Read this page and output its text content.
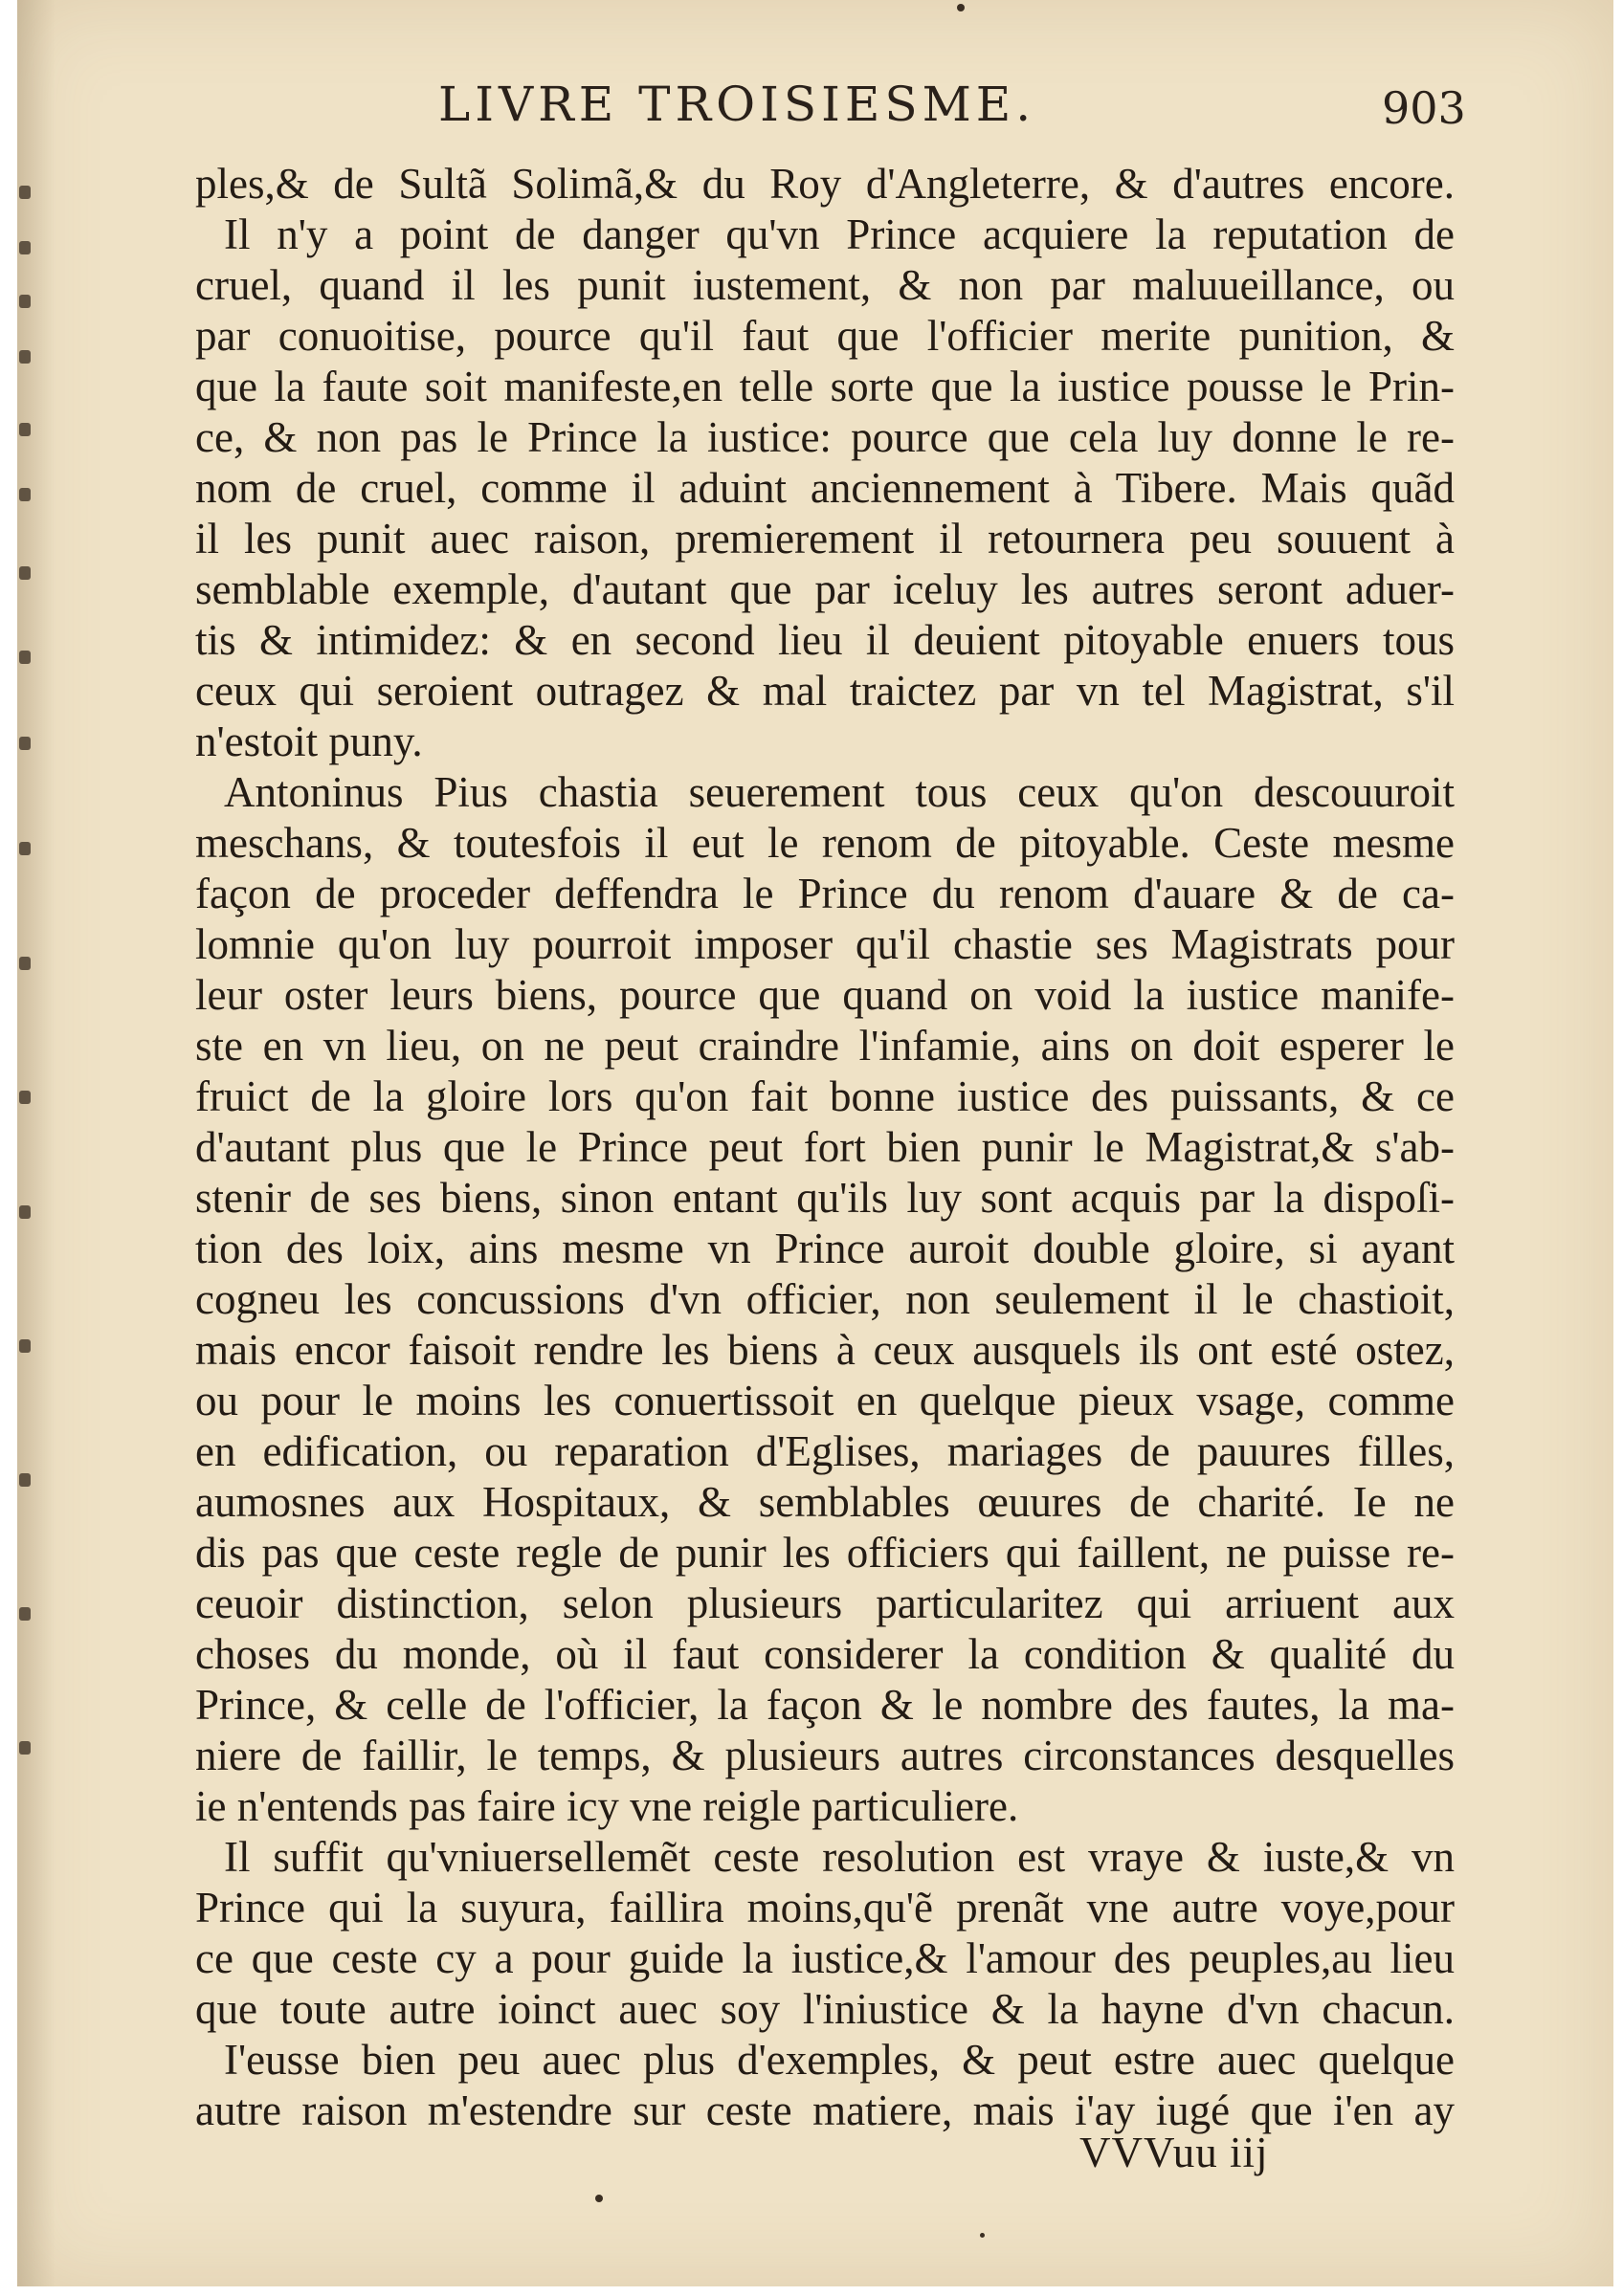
LIVRE TROISIESME.	903
ples,& de Sultã Solimã,& du Roy d'Angleterre, & d'autres encore.
Il n'y a point de danger qu'vn Prince acquiere la reputation de
cruel, quand il les punit iustement, & non par maluueillance, ou
par conuoitise, pource qu'il faut que l'officier merite punition, &
que la faute soit manifeste,en telle sorte que la iustice pousse le Prin-
ce, & non pas le Prince la iustice: pource que cela luy donne le re-
nom de cruel, comme il aduint anciennement à Tibere. Mais quãd
il les punit auec raison, premierement il retournera peu souuent à
semblable exemple, d'autant que par iceluy les autres seront aduer-
tis & intimidez: & en second lieu il deuient pitoyable enuers tous
ceux qui seroient outragez & mal traictez par vn tel Magistrat, s'il
n'estoit puny.
Antoninus Pius chastia seuerement tous ceux qu'on descouuroit
meschans, & toutesfois il eut le renom de pitoyable. Ceste mesme
façon de proceder deffendra le Prince du renom d'auare & de ca-
lomnie qu'on luy pourroit imposer qu'il chastie ses Magistrats pour
leur oster leurs biens, pource que quand on void la iustice manife-
ste en vn lieu, on ne peut craindre l'infamie, ains on doit esperer le
fruict de la gloire lors qu'on fait bonne iustice des puissants, & ce
d'autant plus que le Prince peut fort bien punir le Magistrat,& s'ab-
stenir de ses biens, sinon entant qu'ils luy sont acquis par la dispoſi-
tion des loix, ains mesme vn Prince auroit double gloire, si ayant
cogneu les concussions d'vn officier, non seulement il le chastioit,
mais encor faisoit rendre les biens à ceux ausquels ils ont esté ostez,
ou pour le moins les conuertissoit en quelque pieux vsage, comme
en edification, ou reparation d'Eglises, mariages de pauures filles,
aumosnes aux Hospitaux, & semblables œuures de charité. Ie ne
dis pas que ceste regle de punir les officiers qui faillent, ne puisse re-
ceuoir distinction, selon plusieurs particularitez qui arriuent aux
choses du monde, où il faut considerer la condition & qualité du
Prince, & celle de l'officier, la façon & le nombre des fautes, la ma-
niere de faillir, le temps, & plusieurs autres circonstances desquelles
ie n'entends pas faire icy vne reigle particuliere.
Il suffit qu'vniuersellemẽt ceste resolution est vraye & iuste,& vn
Prince qui la suyura, faillira moins,qu'ẽ prenãt vne autre voye,pour
ce que ceste cy a pour guide la iustice,& l'amour des peuples,au lieu
que toute autre ioinct auec soy l'iniustice & la hayne d'vn chacun.
I'eusse bien peu auec plus d'exemples, & peut estre auec quelque
autre raison m'estendre sur ceste matiere, mais i'ay iugé que i'en ay
VVVuu iij
